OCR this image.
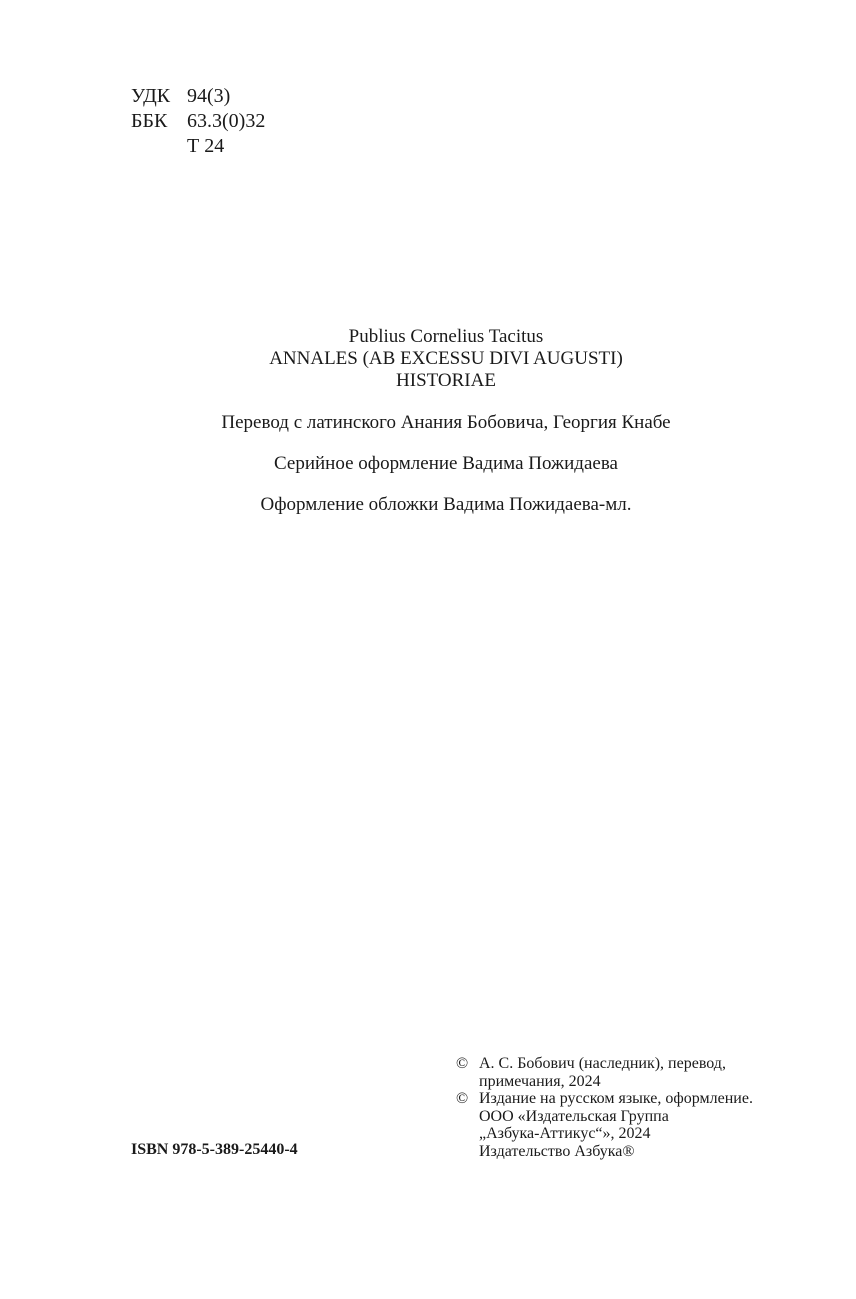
УДК 94(3)
ББК 63.3(0)32
Т 24
Publius Cornelius Tacitus
ANNALES (AB EXCESSU DIVI AUGUSTI)
HISTORIAE
Перевод с латинского Анания Бобовича, Георгия Кнабе
Серийное оформление Вадима Пожидаева
Оформление обложки Вадима Пожидаева-мл.
ISBN 978-5-389-25440-4
© А. С. Бобович (наследник), перевод,
примечания, 2024
© Издание на русском языке, оформление.
ООО «Издательская Группа
„Азбука-Аттикус“», 2024
Издательство Азбука®
